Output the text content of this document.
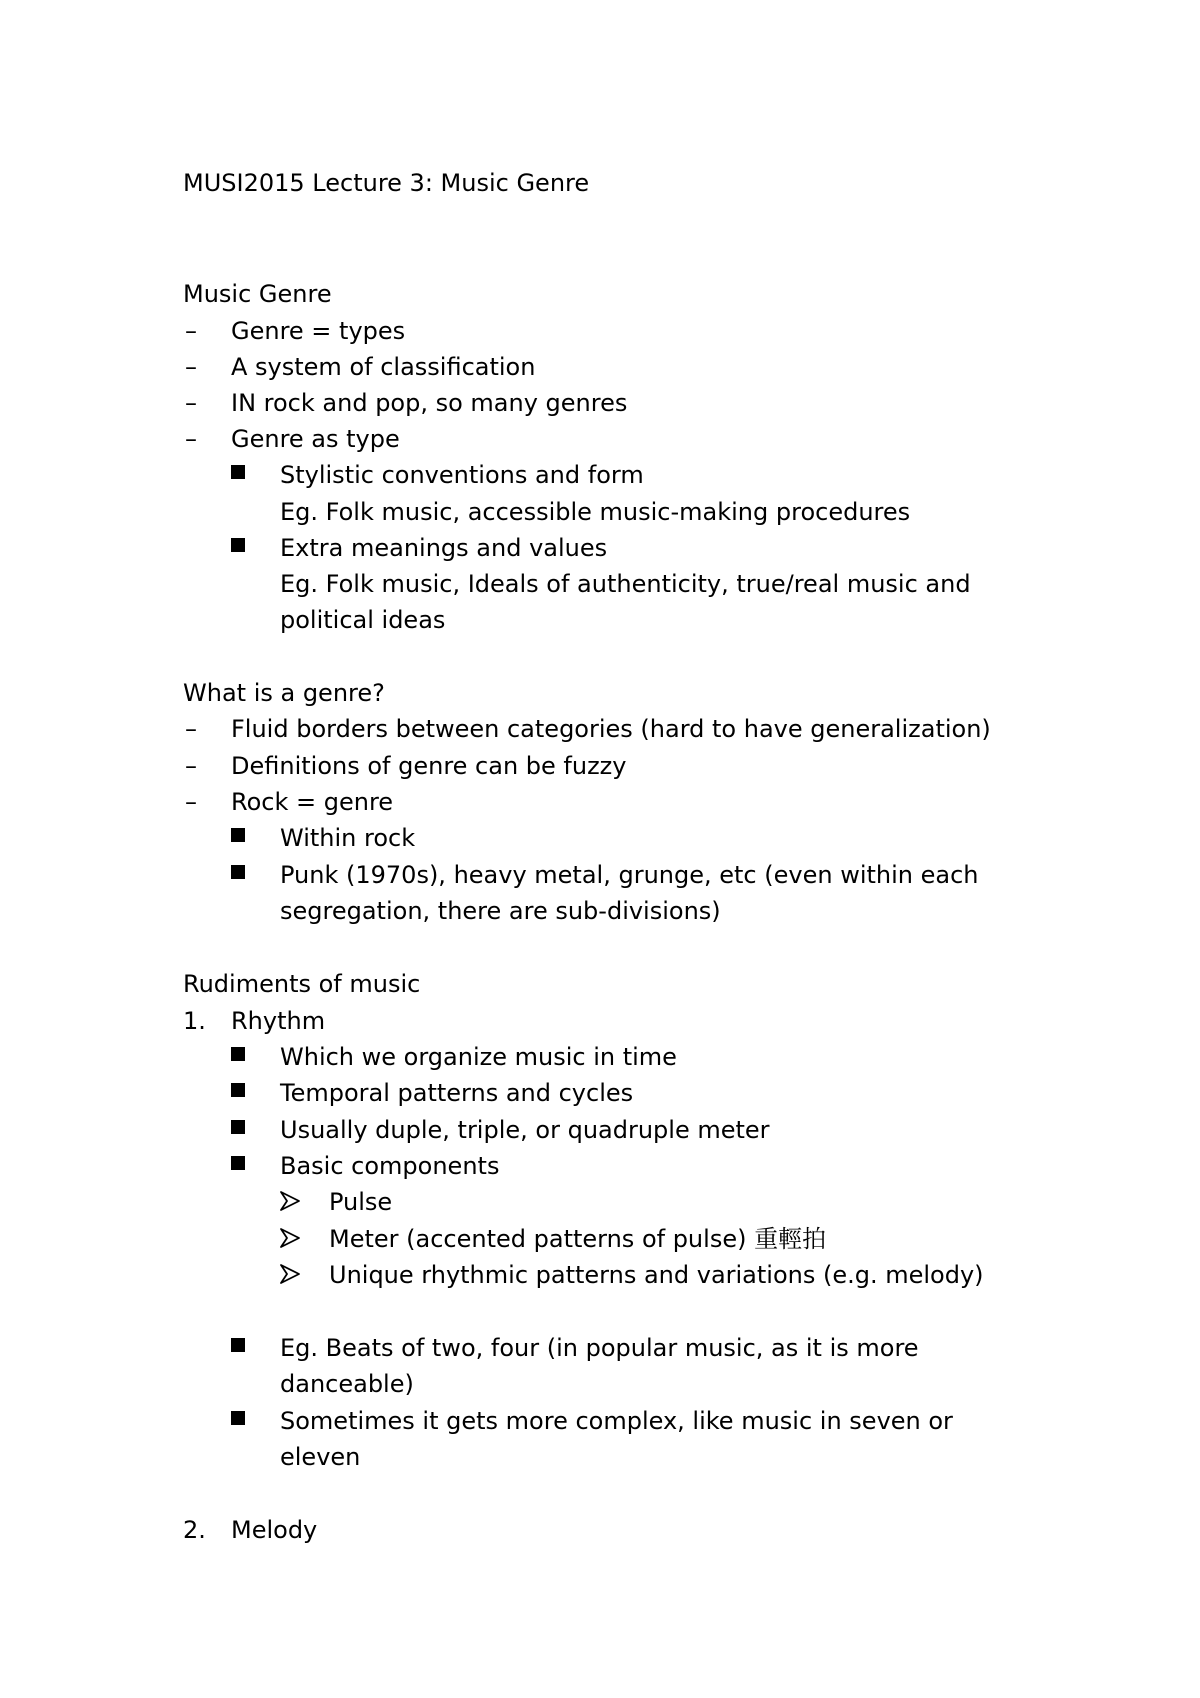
MUSI2015 Lecture 3: Music Genre
Music Genre
– Genre = types
– A system of classification
– IN rock and pop, so many genres
– Genre as type
Stylistic conventions and form
Eg. Folk music, accessible music-making procedures
Extra meanings and values
Eg. Folk music, Ideals of authenticity, true/real music and
political ideas
What is a genre?
– Fluid borders between categories (hard to have generalization)
– Definitions of genre can be fuzzy
– Rock = genre
Within rock
Punk (1970s), heavy metal, grunge, etc (even within each
segregation, there are sub-divisions)
Rudiments of music
1. Rhythm
Which we organize music in time
Temporal patterns and cycles
Usually duple, triple, or quadruple meter
Basic components
Pulse
Meter (accented patterns of pulse) 重輕拍
Unique rhythmic patterns and variations (e.g. melody)
Eg. Beats of two, four (in popular music, as it is more
danceable)
Sometimes it gets more complex, like music in seven or
eleven
2. Melody
